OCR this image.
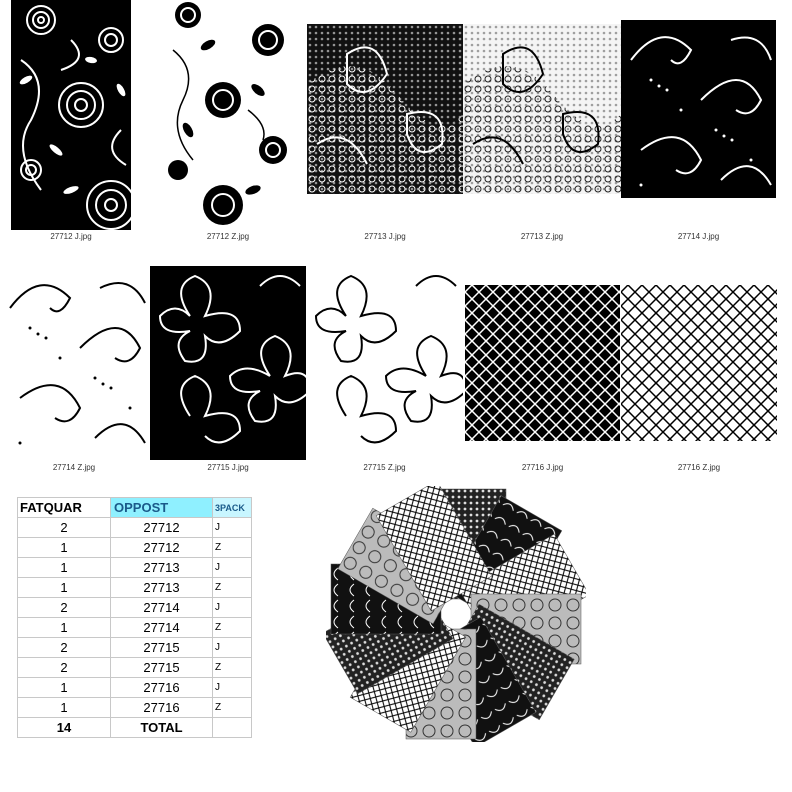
27712 J.jpg	27712 Z.jpg	27713 J.jpg	27713 Z.jpg	27714 J.jpg
27714 Z.jpg	27715 J.jpg	27715 Z.jpg	27716 J.jpg	27716 Z.jpg
FATQUAR	OPPOST	3PACK
2	27712	J
1	27712	Z
1	27713	J
1	27713	Z
2	27714	J
1	27714	Z
2	27715	J
2	27715	Z
1	27716	J
1	27716	Z
14	TOTAL	
